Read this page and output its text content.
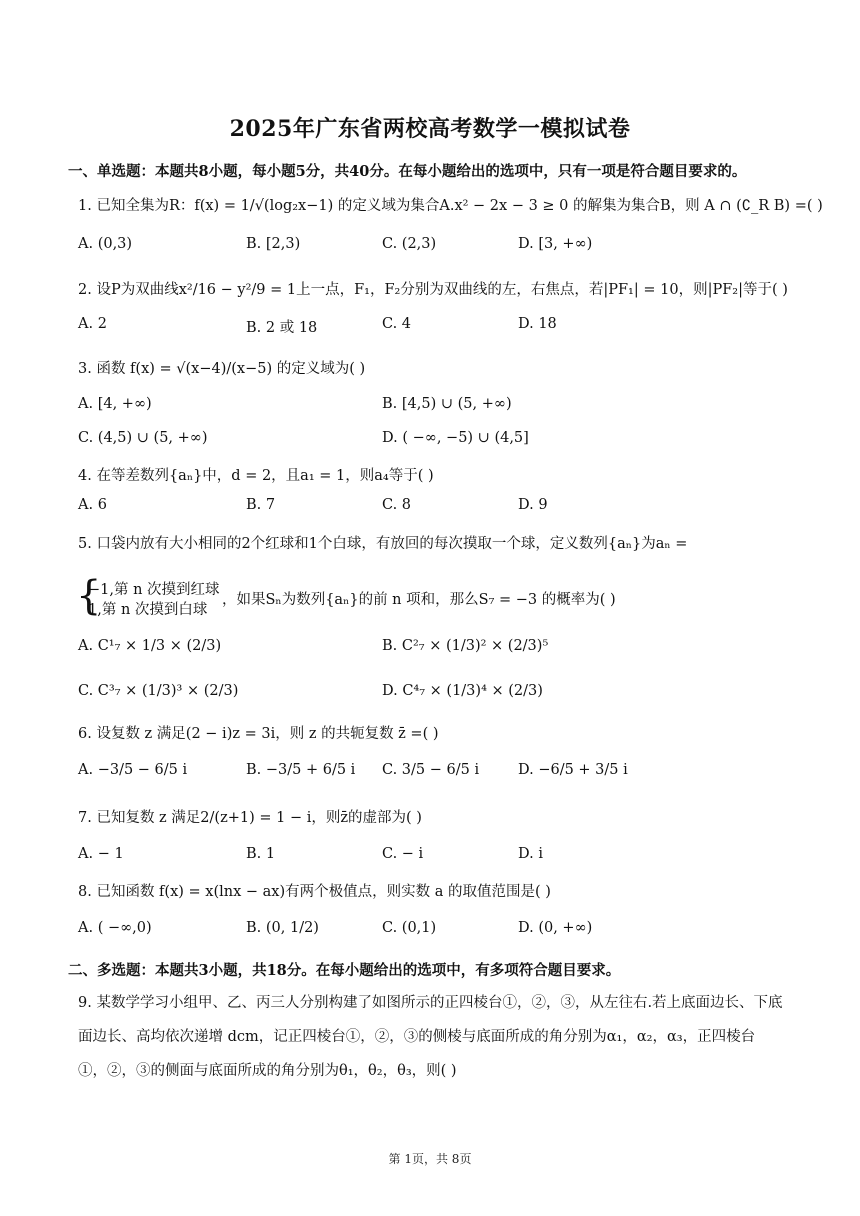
2025年广东省两校高考数学一模拟试卷
一、单选题：本题共8小题，每小题5分，共40分。在每小题给出的选项中，只有一项是符合题目要求的。
1. 已知全集为R：f(x) = 1/√(log₂x−1) 的定义域为集合A.x² − 2x − 3 ≥ 0 的解集为集合B，则 A ∩ (∁_R B) =( )
A. (0,3)	B. [2,3)	C. (2,3)	D. [3, +∞)
2. 设P为双曲线x²/16 − y²/9 = 1上一点，F₁，F₂分别为双曲线的左，右焦点，若|PF₁| = 10，则|PF₂|等于( )
A. 2	B. 2 或 18	C. 4	D. 18
3. 函数 f(x) = √(x−4)/(x−5) 的定义域为( )
A. [4, +∞)	B. [4,5) ∪ (5, +∞)
C. (4,5) ∪ (5, +∞)	D. ( −∞, −5) ∪ (4,5]
4. 在等差数列{aₙ}中，d = 2，且a₁ = 1，则a₄等于( )
A. 6	B. 7	C. 8	D. 9
5. 口袋内放有大小相同的2个红球和1个白球，有放回的每次摸取一个球，定义数列{aₙ}为aₙ =
{
−1,第 n 次摸到红球
1,第 n 次摸到白球
，如果Sₙ为数列{aₙ}的前 n 项和，那么S₇ = −3 的概率为( )
A. C¹₇ × 1/3 × (2/3)	B. C²₇ × (1/3)² × (2/3)⁵
C. C³₇ × (1/3)³ × (2/3)	D. C⁴₇ × (1/3)⁴ × (2/3)
6. 设复数 z 满足(2 − i)z = 3i，则 z 的共轭复数 z̄ =( )
A. −3/5 − 6/5 i	B. −3/5 + 6/5 i C. 3/5 − 6/5 i	D. −6/5 + 3/5 i
7. 已知复数 z 满足2/(z+1) = 1 − i，则z̄的虚部为( )
A. − 1	B. 1	C. − i	D. i
8. 已知函数 f(x) = x(lnx − ax)有两个极值点，则实数 a 的取值范围是( )
A. ( −∞,0)	B. (0, 1/2)	C. (0,1)	D. (0, +∞)
二、多选题：本题共3小题，共18分。在每小题给出的选项中，有多项符合题目要求。
9. 某数学学习小组甲、乙、丙三人分别构建了如图所示的正四棱台①，②，③，从左往右.若上底面边长、下底面边长、高均依次递增 dcm，记正四棱台①，②，③的侧棱与底面所成的角分别为α₁，α₂，α₃，正四棱台①，②，③的侧面与底面所成的角分别为θ₁，θ₂，θ₃，则( )
第 1页，共 8页
